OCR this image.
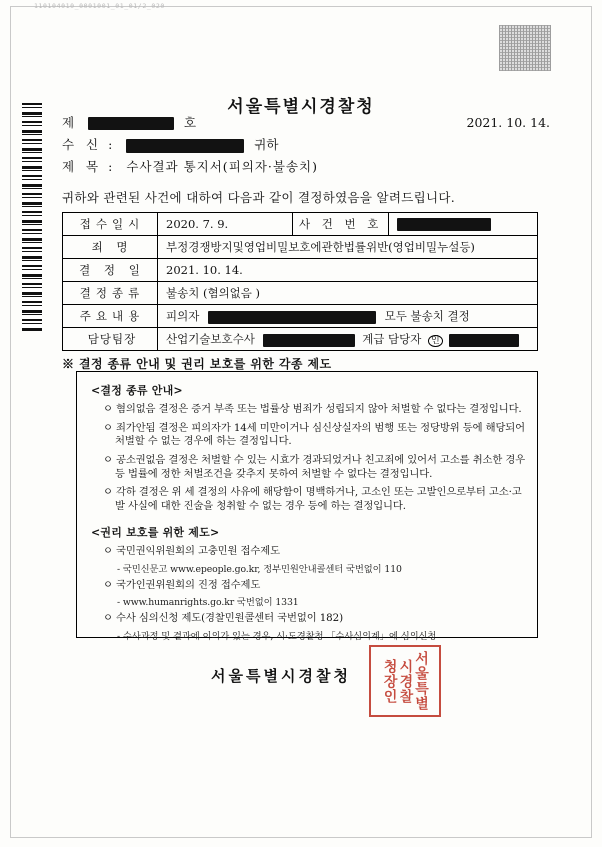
110104010_0001001_01_01/2_020
서울특별시경찰청
2021. 10. 14.
제	호
수 신 :	귀하
제 목 : 수사결과 통지서(피의자·불송치)
귀하와 관련된 사건에 대하여 다음과 같이 결정하였음을 알려드립니다.
접수일시	2020. 7. 9.	사 건 번 호	
죄 명	부정경쟁방지및영업비밀보호에관한법률위반(영업비밀누설등)		
결 정 일	2021. 10. 14.		
결정종류	불송치 (혐의없음 )		
주요내용	피의자 모두 불송치 결정		
담당팀장	산업기술보호수사 계급 담당자 인		
※ 결정 종류 안내 및 권리 보호를 위한 각종 제도
<결정 종류 안내>
ㅇ 혐의없음 결정은 증거 부족 또는 법률상 범죄가 성립되지 않아 처벌할 수 없다는 결정입니다.
ㅇ 죄가안됨 결정은 피의자가 14세 미만이거나 심신상실자의 범행 또는 정당방위 등에 해당되어 처벌할 수 없는 경우에 하는 결정입니다.
ㅇ 공소권없음 결정은 처벌할 수 있는 시효가 경과되었거나 친고죄에 있어서 고소를 취소한 경우 등 법률에 정한 처벌조건을 갖추지 못하여 처벌할 수 없다는 결정입니다.
ㅇ 각하 결정은 위 세 결정의 사유에 해당함이 명백하거나, 고소인 또는 고발인으로부터 고소·고발 사실에 대한 진술을 청취할 수 없는 경우 등에 하는 결정입니다.
<권리 보호를 위한 제도>
ㅇ 국민권익위원회의 고충민원 접수제도
- 국민신문고 www.epeople.go.kr, 정부민원안내콜센터 국번없이 110
ㅇ 국가인권위원회의 진정 접수제도
- www.humanrights.go.kr 국번없이 1331
ㅇ 수사 심의신청 제도(경찰민원콜센터 국번없이 182)
- 수사과정 및 결과에 이의가 있는 경우, 시·도경찰청 「수사심의계」에 심의신청
서울특별시경찰청	서울특별
시경찰
청장인
